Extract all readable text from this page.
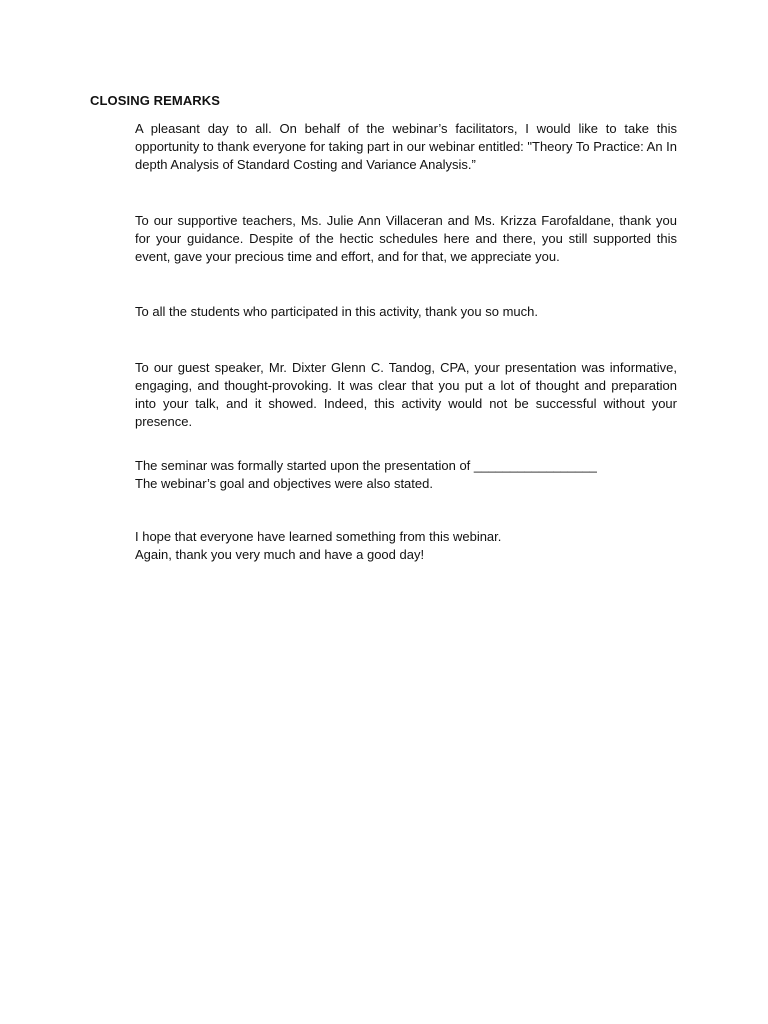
CLOSING REMARKS

A pleasant day to all. On behalf of the webinar’s facilitators, I would like to take this opportunity to thank everyone for taking part in our webinar entitled: "Theory To Practice: An In depth Analysis of Standard Costing and Variance Analysis.”

To our supportive teachers, Ms. Julie Ann Villaceran and Ms. Krizza Farofaldane, thank you for your guidance. Despite of the hectic schedules here and there, you still supported this event, gave your precious time and effort, and for that, we appreciate you.

To all the students who participated in this activity, thank you so much.

To our guest speaker, Mr. Dixter Glenn C. Tandog, CPA, your presentation was informative, engaging, and thought-provoking. It was clear that you put a lot of thought and preparation into your talk, and it showed. Indeed, this activity would not be successful without your presence.

The seminar was formally started upon the presentation of _________________
The webinar’s goal and objectives were also stated.

I hope that everyone have learned something from this webinar.
Again, thank you very much and have a good day!
